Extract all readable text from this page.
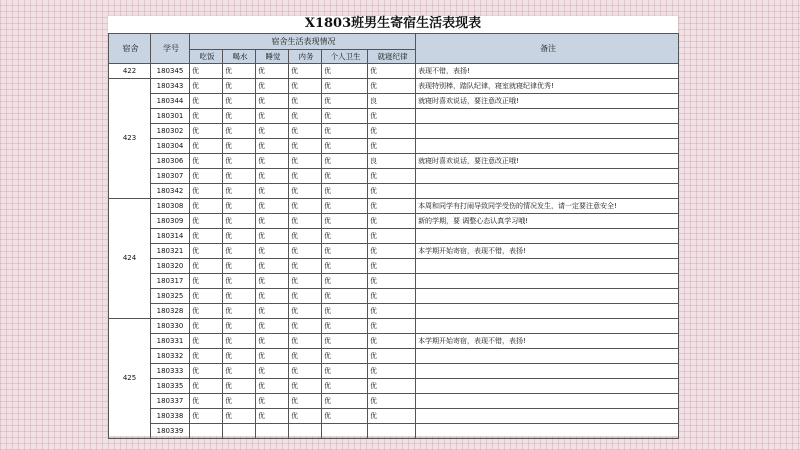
X1803班男生寄宿生活表现表
宿舍	学号	宿舍生活表现情况						备注
		吃饭	喝水	睡觉	内务	个人卫生	就寝纪律	
422	180345	优	优	优	优	优	优	表现不错，表扬!
423	180343	优	优	优	优	优	优	表现特别棒，踏队纪律，寝室就寝纪律优秀!
	180344	优	优	优	优	优	良	就寝时喜欢说话，要注意改正哦!
	180301	优	优	优	优	优	优	
	180302	优	优	优	优	优	优	
	180304	优	优	优	优	优	优	
	180306	优	优	优	优	优	良	就寝时喜欢说话，要注意改正哦!
	180307	优	优	优	优	优	优	
	180342	优	优	优	优	优	优	
424	180308	优	优	优	优	优	优	本周和同学有打闹导致同学受伤的情况发生，请一定要注意安全!
	180309	优	优	优	优	优	优	新的学期，要 调整心态认真学习哦!
	180314	优	优	优	优	优	优	
	180321	优	优	优	优	优	优	本学期开始寄宿，表现不错，表扬!
	180320	优	优	优	优	优	优	
	180317	优	优	优	优	优	优	
	180325	优	优	优	优	优	优	
	180328	优	优	优	优	优	优	
425	180330	优	优	优	优	优	优	
	180331	优	优	优	优	优	优	本学期开始寄宿，表现不错，表扬!
	180332	优	优	优	优	优	优	
	180333	优	优	优	优	优	优	
	180335	优	优	优	优	优	优	
	180337	优	优	优	优	优	优	
	180338	优	优	优	优	优	优	
	180339							
